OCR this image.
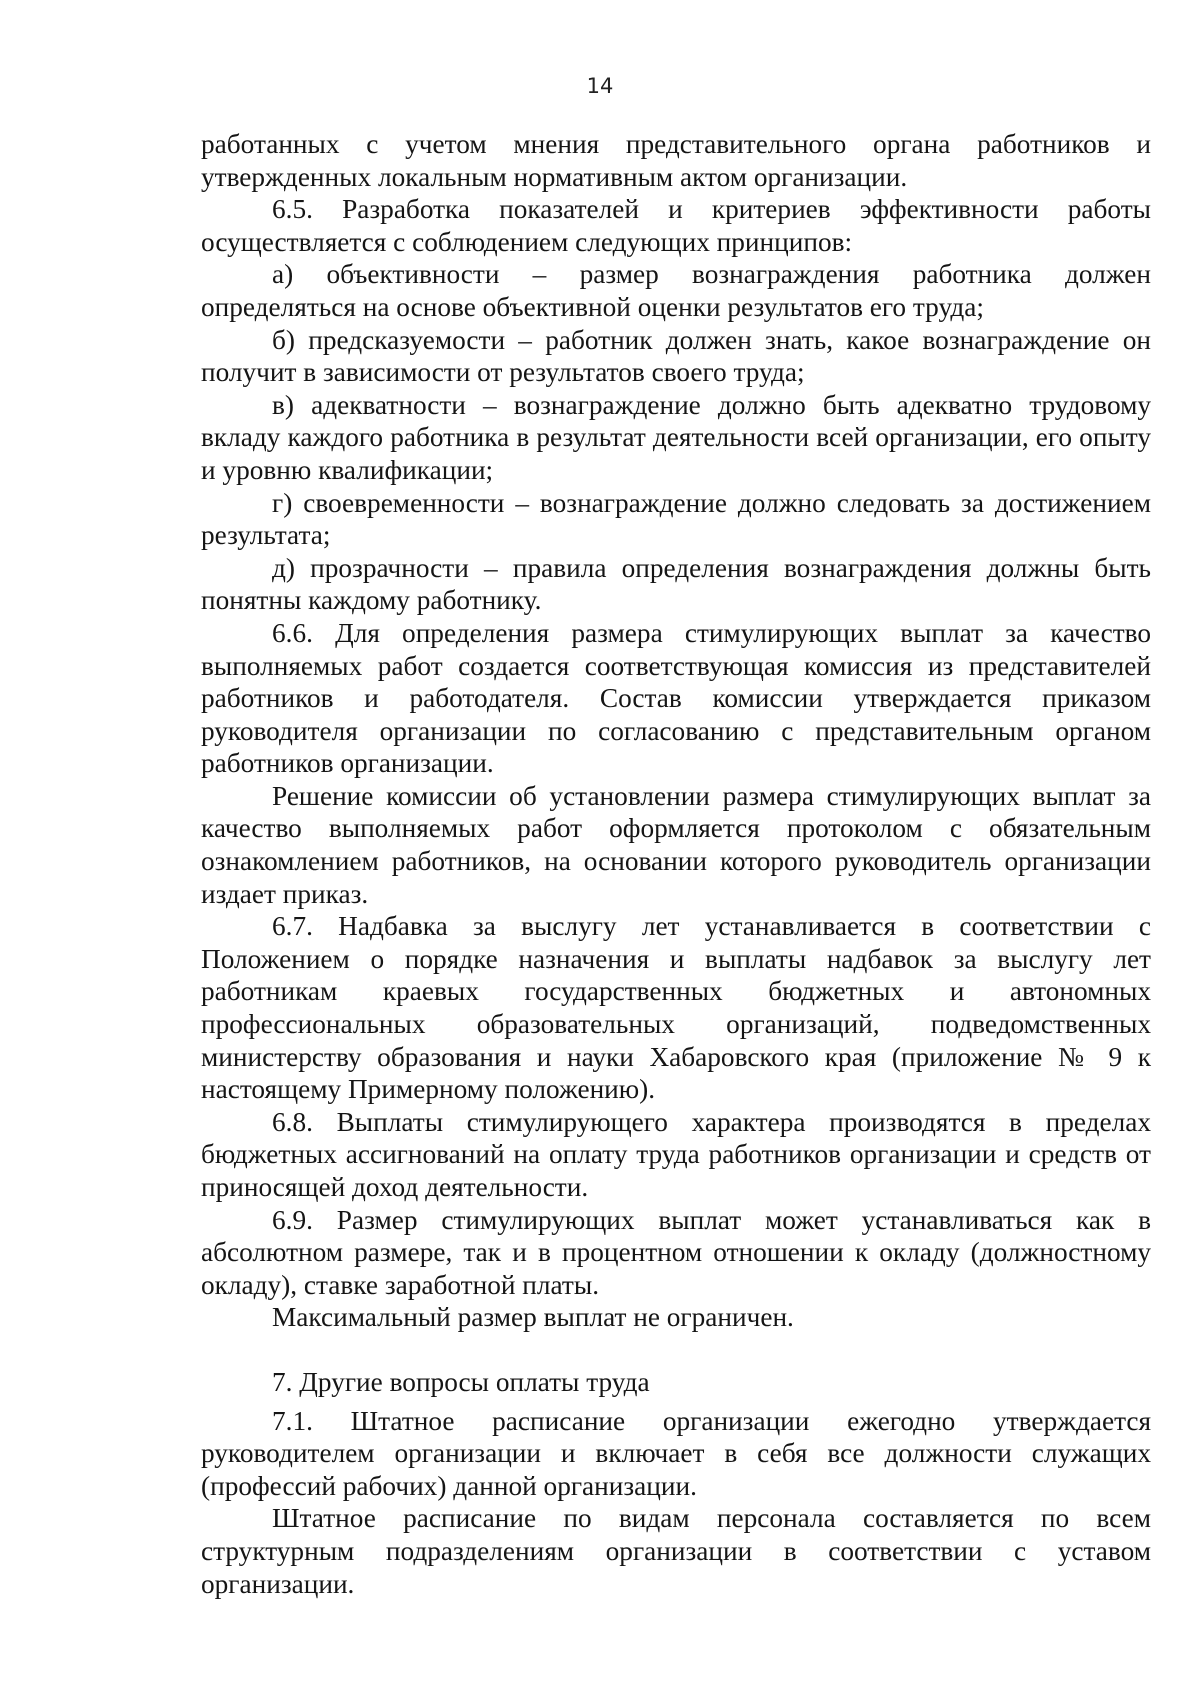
14

работанных с учетом мнения представительного органа работников и утвержденных локальным нормативным актом организации.

6.5. Разработка показателей и критериев эффективности работы осуществляется с соблюдением следующих принципов:

а) объективности – размер вознаграждения работника должен определяться на основе объективной оценки результатов его труда;

б) предсказуемости – работник должен знать, какое вознаграждение он получит в зависимости от результатов своего труда;

в) адекватности – вознаграждение должно быть адекватно трудовому вкладу каждого работника в результат деятельности всей организации, его опыту и уровню квалификации;

г) своевременности – вознаграждение должно следовать за достижением результата;

д) прозрачности – правила определения вознаграждения должны быть понятны каждому работнику.

6.6. Для определения размера стимулирующих выплат за качество выполняемых работ создается соответствующая комиссия из представителей работников и работодателя. Состав комиссии утверждается приказом руководителя организации по согласованию с представительным органом работников организации.

Решение комиссии об установлении размера стимулирующих выплат за качество выполняемых работ оформляется протоколом с обязательным ознакомлением работников, на основании которого руководитель организации издает приказ.

6.7. Надбавка за выслугу лет устанавливается в соответствии с Положением о порядке назначения и выплаты надбавок за выслугу лет работникам краевых государственных бюджетных и автономных профессиональных образовательных организаций, подведомственных министерству образования и науки Хабаровского края (приложение № 9 к настоящему Примерному положению).

6.8. Выплаты стимулирующего характера производятся в пределах бюджетных ассигнований на оплату труда работников организации и средств от приносящей доход деятельности.

6.9. Размер стимулирующих выплат может устанавливаться как в абсолютном размере, так и в процентном отношении к окладу (должностному окладу), ставке заработной платы.

Максимальный размер выплат не ограничен.

7. Другие вопросы оплаты труда

7.1. Штатное расписание организации ежегодно утверждается руководителем организации и включает в себя все должности служащих (профессий рабочих) данной организации.

Штатное расписание по видам персонала составляется по всем структурным подразделениям организации в соответствии с уставом организации.
